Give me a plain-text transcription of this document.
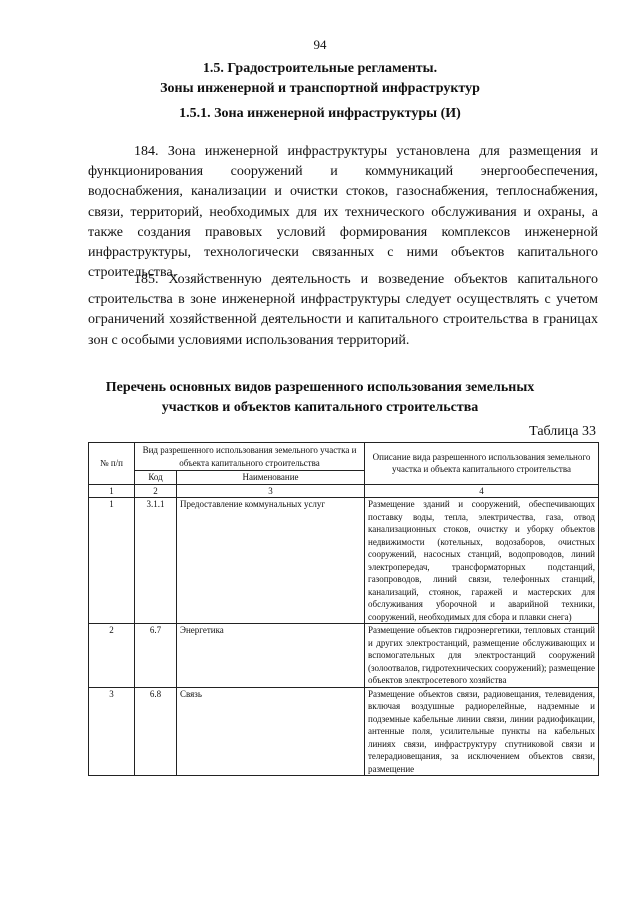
94
1.5. Градостроительные регламенты.
Зоны инженерной и транспортной инфраструктур
1.5.1. Зона инженерной инфраструктуры (И)

184. Зона инженерной инфраструктуры установлена для размещения и функционирования сооружений и коммуникаций энергообеспечения, водоснабжения, канализации и очистки стоков, газоснабжения, теплоснабжения, связи, территорий, необходимых для их технического обслуживания и охраны, а также создания правовых условий формирования комплексов инженерной инфраструктуры, технологически связанных с ними объектов капитального строительства.

185. Хозяйственную деятельность и возведение объектов капитального строительства в зоне инженерной инфраструктуры следует осуществлять с учетом ограничений хозяйственной деятельности и капитального строительства в границах зон с особыми условиями использования территорий.

Перечень основных видов разрешенного использования земельных
участков и объектов капитального строительства
Таблица 33
№ п/п	Вид разрешенного использования земельного участка и объекта капитального строительства		Описание вида разрешенного использования земельного участка и объекта капитального строительства
	Код	Наименование	
1	2	3	4
1	3.1.1	Предоставление коммунальных услуг	Размещение зданий и сооружений, обеспечивающих поставку воды, тепла, электричества, газа, отвод канализационных стоков, очистку и уборку объектов недвижимости (котельных, водозаборов, очистных сооружений, насосных станций, водопроводов, линий электропередач, трансформаторных подстанций, газопроводов, линий связи, телефонных станций, канализаций, стоянок, гаражей и мастерских для обслуживания уборочной и аварийной техники, сооружений, необходимых для сбора и плавки снега)
2	6.7	Энергетика	Размещение объектов гидроэнергетики, тепловых станций и других электростанций, размещение обслуживающих и вспомогательных для электростанций сооружений (золоотвалов, гидротехнических сооружений); размещение объектов электросетевого хозяйства
3	6.8	Связь	Размещение объектов связи, радиовещания, телевидения, включая воздушные радиорелейные, надземные и подземные кабельные линии связи, линии радиофикации, антенные поля, усилительные пункты на кабельных линиях связи, инфраструктуру спутниковой связи и телерадиовещания, за исключением объектов связи, размещение
